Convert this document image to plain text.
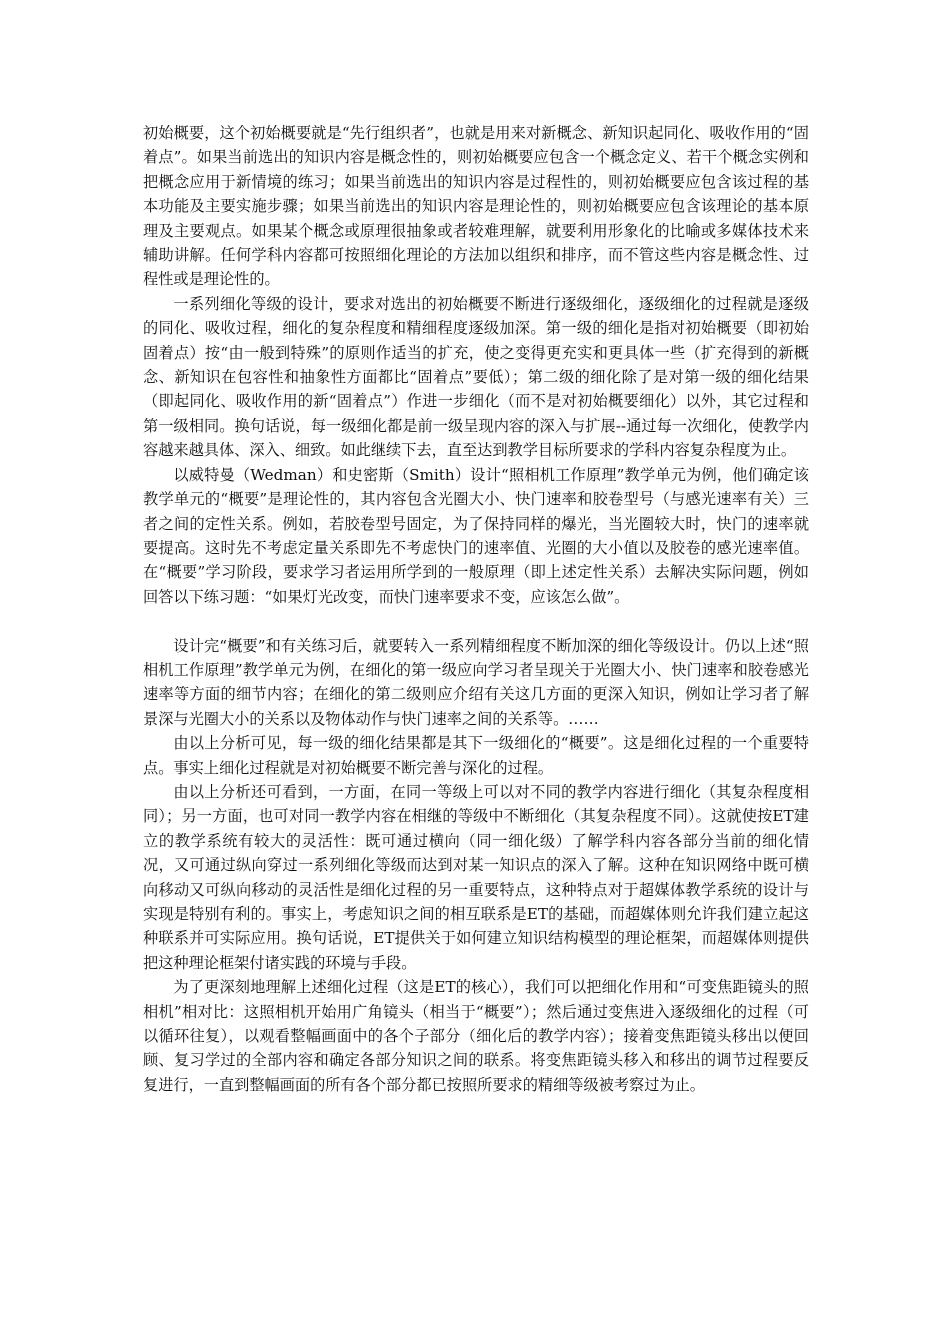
初始概要，这个初始概要就是“先行组织者”，也就是用来对新概念、新知识起同化、吸收作用的“固着点”。如果当前选出的知识内容是概念性的，则初始概要应包含一个概念定义、若干个概念实例和把概念应用于新情境的练习；如果当前选出的知识内容是过程性的，则初始概要应包含该过程的基本功能及主要实施步骤；如果当前选出的知识内容是理论性的，则初始概要应包含该理论的基本原理及主要观点。如果某个概念或原理很抽象或者较难理解，就要利用形象化的比喻或多媒体技术来辅助讲解。任何学科内容都可按照细化理论的方法加以组织和排序，而不管这些内容是概念性、过程性或是理论性的。

一系列细化等级的设计，要求对选出的初始概要不断进行逐级细化，逐级细化的过程就是逐级的同化、吸收过程，细化的复杂程度和精细程度逐级加深。第一级的细化是指对初始概要（即初始固着点）按“由一般到特殊”的原则作适当的扩充，使之变得更充实和更具体一些（扩充得到的新概念、新知识在包容性和抽象性方面都比“固着点”要低）；第二级的细化除了是对第一级的细化结果（即起同化、吸收作用的新“固着点”）作进一步细化（而不是对初始概要细化）以外，其它过程和第一级相同。换句话说，每一级细化都是前一级呈现内容的深入与扩展--通过每一次细化，使教学内容越来越具体、深入、细致。如此继续下去，直至达到教学目标所要求的学科内容复杂程度为止。

以威特曼（Wedman）和史密斯（Smith）设计“照相机工作原理”教学单元为例，他们确定该教学单元的“概要”是理论性的，其内容包含光圈大小、快门速率和胶卷型号（与感光速率有关）三者之间的定性关系。例如，若胶卷型号固定，为了保持同样的爆光，当光圈较大时，快门的速率就要提高。这时先不考虑定量关系即先不考虑快门的速率值、光圈的大小值以及胶卷的感光速率值。在“概要”学习阶段，要求学习者运用所学到的一般原理（即上述定性关系）去解决实际问题，例如回答以下练习题：“如果灯光改变，而快门速率要求不变，应该怎么做”。

设计完“概要”和有关练习后，就要转入一系列精细程度不断加深的细化等级设计。仍以上述“照相机工作原理”教学单元为例，在细化的第一级应向学习者呈现关于光圈大小、快门速率和胶卷感光速率等方面的细节内容；在细化的第二级则应介绍有关这几方面的更深入知识，例如让学习者了解景深与光圈大小的关系以及物体动作与快门速率之间的关系等。……

由以上分析可见，每一级的细化结果都是其下一级细化的“概要”。这是细化过程的一个重要特点。事实上细化过程就是对初始概要不断完善与深化的过程。

由以上分析还可看到，一方面，在同一等级上可以对不同的教学内容进行细化（其复杂程度相同）；另一方面，也可对同一教学内容在相继的等级中不断细化（其复杂程度不同）。这就使按ET建立的教学系统有较大的灵活性：既可通过横向（同一细化级）了解学科内容各部分当前的细化情况，又可通过纵向穿过一系列细化等级而达到对某一知识点的深入了解。这种在知识网络中既可横向移动又可纵向移动的灵活性是细化过程的另一重要特点，这种特点对于超媒体教学系统的设计与实现是特别有利的。事实上，考虑知识之间的相互联系是ET的基础，而超媒体则允许我们建立起这种联系并可实际应用。换句话说，ET提供关于如何建立知识结构模型的理论框架，而超媒体则提供把这种理论框架付诸实践的环境与手段。

为了更深刻地理解上述细化过程（这是ET的核心），我们可以把细化作用和“可变焦距镜头的照相机”相对比：这照相机开始用广角镜头（相当于“概要”）；然后通过变焦进入逐级细化的过程（可以循环往复），以观看整幅画面中的各个子部分（细化后的教学内容）；接着变焦距镜头移出以便回顾、复习学过的全部内容和确定各部分知识之间的联系。将变焦距镜头移入和移出的调节过程要反复进行，一直到整幅画面的所有各个部分都已按照所要求的精细等级被考察过为止。
